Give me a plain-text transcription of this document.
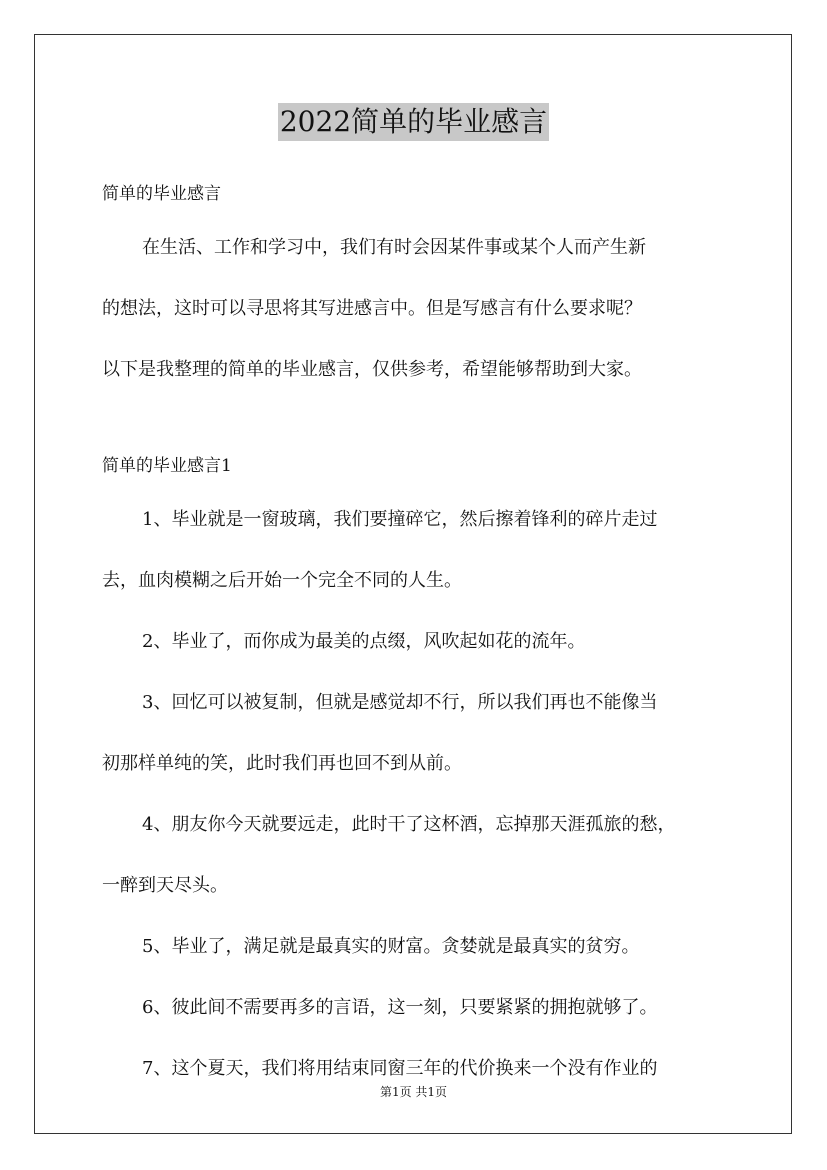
2022简单的毕业感言
简单的毕业感言
在生活、工作和学习中，我们有时会因某件事或某个人而产生新
的想法，这时可以寻思将其写进感言中。但是写感言有什么要求呢？
以下是我整理的简单的毕业感言，仅供参考，希望能够帮助到大家。
简单的毕业感言1
1、毕业就是一窗玻璃，我们要撞碎它，然后擦着锋利的碎片走过
去，血肉模糊之后开始一个完全不同的人生。
2、毕业了，而你成为最美的点缀，风吹起如花的流年。
3、回忆可以被复制，但就是感觉却不行，所以我们再也不能像当
初那样单纯的笑，此时我们再也回不到从前。
4、朋友你今天就要远走，此时干了这杯酒，忘掉那天涯孤旅的愁，
一醉到天尽头。
5、毕业了，满足就是最真实的财富。贪婪就是最真实的贫穷。
6、彼此间不需要再多的言语，这一刻，只要紧紧的拥抱就够了。
7、这个夏天，我们将用结束同窗三年的代价换来一个没有作业的
第1页 共1页
